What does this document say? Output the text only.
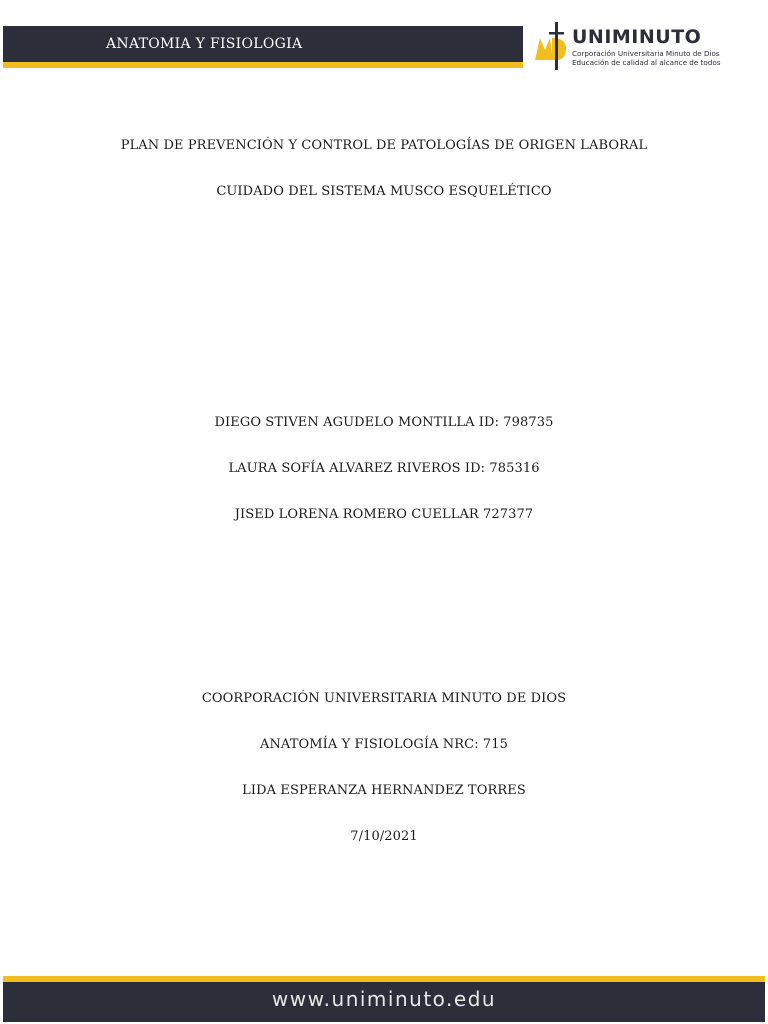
ANATOMIA Y FISIOLOGIA	UNIMINUTO
Corporación Universitaria Minuto de Dios
Educación de calidad al alcance de todos
PLAN DE PREVENCIÓN Y CONTROL DE PATOLOGÍAS DE ORIGEN LABORAL
CUIDADO DEL SISTEMA MUSCO ESQUELÉTICO
DIEGO STIVEN AGUDELO MONTILLA ID: 798735
LAURA SOFÍA ALVAREZ RIVEROS ID: 785316
JISED LORENA ROMERO CUELLAR 727377
COORPORACIÓN UNIVERSITARIA MINUTO DE DIOS
ANATOMÍA Y FISIOLOGÍA NRC: 715
LIDA ESPERANZA HERNANDEZ TORRES
7/10/2021
www.uniminuto.edu
